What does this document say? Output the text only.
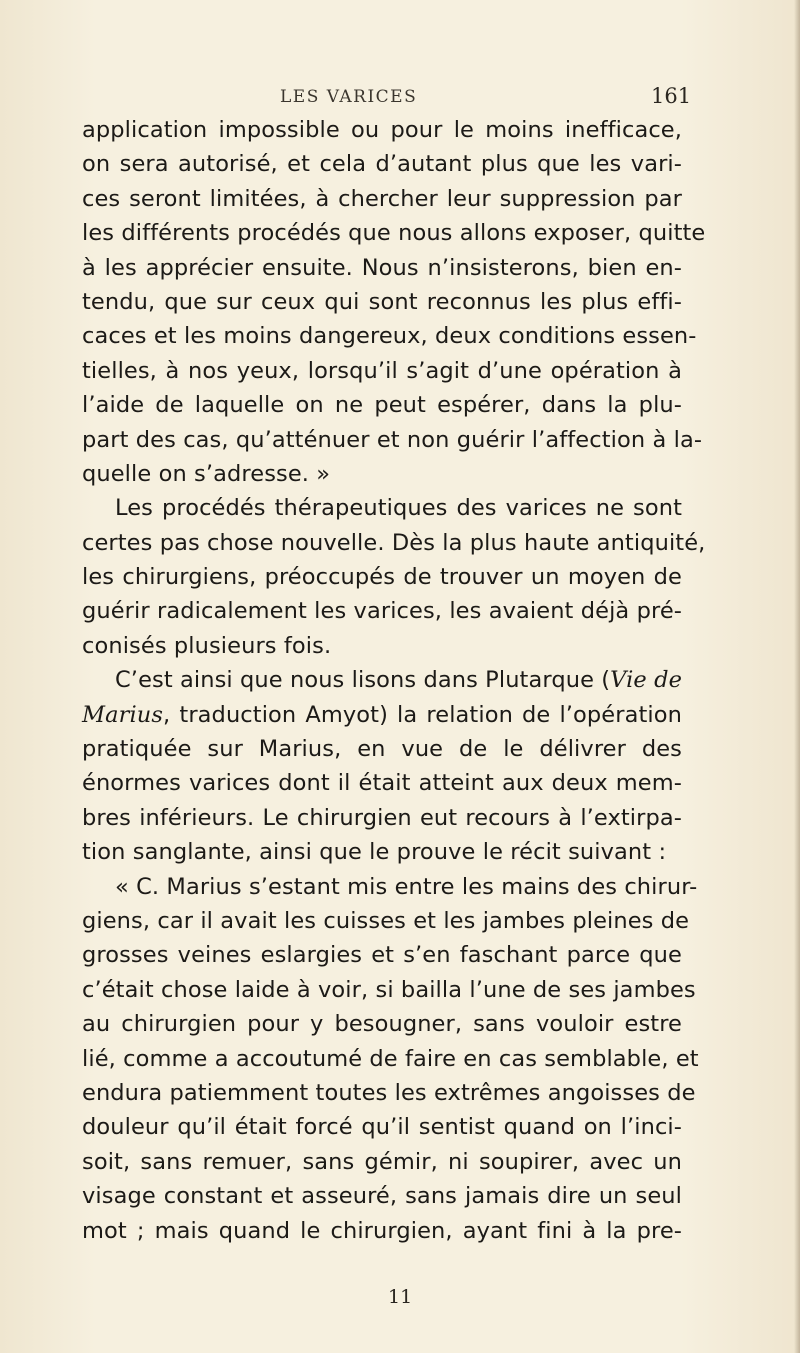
LES VARICES	161
application impossible ou pour le moins inefficace,
on sera autorisé, et cela d’autant plus que les vari-
ces seront limitées, à chercher leur suppression par
les différents procédés que nous allons exposer, quitte
à les apprécier ensuite. Nous n’insisterons, bien en-
tendu, que sur ceux qui sont reconnus les plus effi-
caces et les moins dangereux, deux conditions essen-
tielles, à nos yeux, lorsqu’il s’agit d’une opération à
l’aide de laquelle on ne peut espérer, dans la plu-
part des cas, qu’atténuer et non guérir l’affection à la-
quelle on s’adresse. »
Les procédés thérapeutiques des varices ne sont
certes pas chose nouvelle. Dès la plus haute antiquité,
les chirurgiens, préoccupés de trouver un moyen de
guérir radicalement les varices, les avaient déjà pré-
conisés plusieurs fois.
C’est ainsi que nous lisons dans Plutarque (Vie de
Marius, traduction Amyot) la relation de l’opération
pratiquée sur Marius, en vue de le délivrer des
énormes varices dont il était atteint aux deux mem-
bres inférieurs. Le chirurgien eut recours à l’extirpa-
tion sanglante, ainsi que le prouve le récit suivant :
« C. Marius s’estant mis entre les mains des chirur-
giens, car il avait les cuisses et les jambes pleines de
grosses veines eslargies et s’en faschant parce que
c’était chose laide à voir, si bailla l’une de ses jambes
au chirurgien pour y besougner, sans vouloir estre
lié, comme a accoutumé de faire en cas semblable, et
endura patiemment toutes les extrêmes angoisses de
douleur qu’il était forcé qu’il sentist quand on l’inci-
soit, sans remuer, sans gémir, ni soupirer, avec un
visage constant et asseuré, sans jamais dire un seul
mot ; mais quand le chirurgien, ayant fini à la pre-
11
